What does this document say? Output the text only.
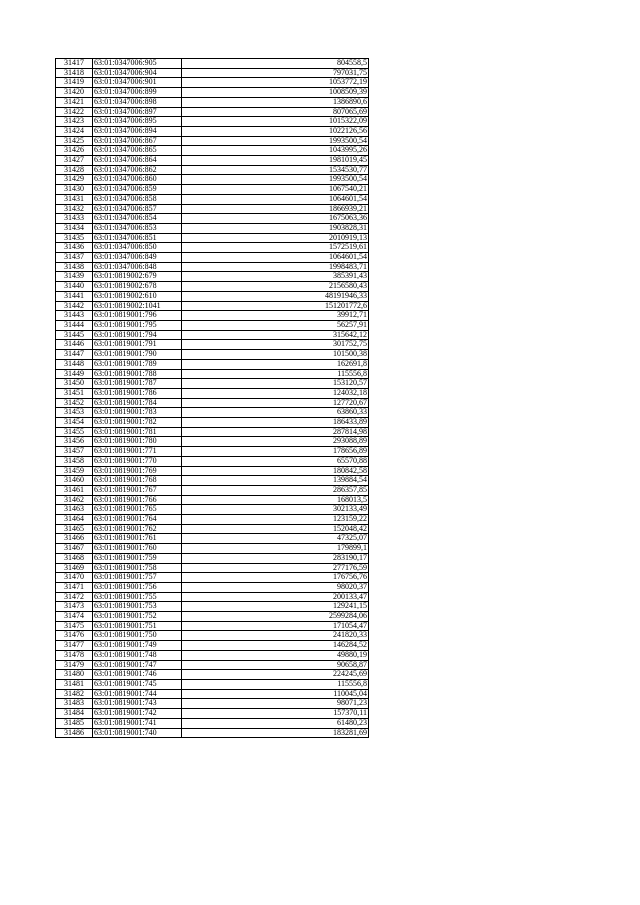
31417	63:01:0347006:905	804558,5
31418	63:01:0347006:904	797031,75
31419	63:01:0347006:901	1053772,19
31420	63:01:0347006:899	1008509,39
31421	63:01:0347006:898	1386890,6
31422	63:01:0347006:897	807065,69
31423	63:01:0347006:895	1015322,09
31424	63:01:0347006:894	1022126,56
31425	63:01:0347006:867	1993500,54
31426	63:01:0347006:865	1043995,26
31427	63:01:0347006:864	1981019,45
31428	63:01:0347006:862	1534530,77
31429	63:01:0347006:860	1993500,54
31430	63:01:0347006:859	1067540,21
31431	63:01:0347006:858	1064601,54
31432	63:01:0347006:857	1866939,21
31433	63:01:0347006:854	1675063,36
31434	63:01:0347006:853	1903828,31
31435	63:01:0347006:851	2010919,13
31436	63:01:0347006:850	1572519,61
31437	63:01:0347006:849	1064601,54
31438	63:01:0347006:848	1998483,71
31439	63:01:0819002:679	385391,43
31440	63:01:0819002:678	2156580,43
31441	63:01:0819002:610	48191946,33
31442	63:01:0819002:1041	151201772,6
31443	63:01:0819001:796	39912,71
31444	63:01:0819001:795	56257,91
31445	63:01:0819001:794	315642,12
31446	63:01:0819001:791	301752,75
31447	63:01:0819001:790	101500,38
31448	63:01:0819001:789	162691,8
31449	63:01:0819001:788	115556,8
31450	63:01:0819001:787	153120,57
31451	63:01:0819001:786	124032,18
31452	63:01:0819001:784	127720,67
31453	63:01:0819001:783	63860,33
31454	63:01:0819001:782	186433,89
31455	63:01:0819001:781	287814,98
31456	63:01:0819001:780	293088,89
31457	63:01:0819001:771	178656,89
31458	63:01:0819001:770	65570,88
31459	63:01:0819001:769	180842,58
31460	63:01:0819001:768	139884,54
31461	63:01:0819001:767	286357,85
31462	63:01:0819001:766	168013,5
31463	63:01:0819001:765	302133,49
31464	63:01:0819001:764	123159,22
31465	63:01:0819001:762	152048,42
31466	63:01:0819001:761	47325,07
31467	63:01:0819001:760	179899,1
31468	63:01:0819001:759	283190,17
31469	63:01:0819001:758	277176,59
31470	63:01:0819001:757	176756,76
31471	63:01:0819001:756	98020,37
31472	63:01:0819001:755	200133,47
31473	63:01:0819001:753	129241,15
31474	63:01:0819001:752	2599284,06
31475	63:01:0819001:751	171054,47
31476	63:01:0819001:750	241820,33
31477	63:01:0819001:749	146284,52
31478	63:01:0819001:748	49880,19
31479	63:01:0819001:747	90658,87
31480	63:01:0819001:746	224245,69
31481	63:01:0819001:745	115556,8
31482	63:01:0819001:744	110045,04
31483	63:01:0819001:743	98071,23
31484	63:01:0819001:742	157370,11
31485	63:01:0819001:741	61480,23
31486	63:01:0819001:740	183281,69
